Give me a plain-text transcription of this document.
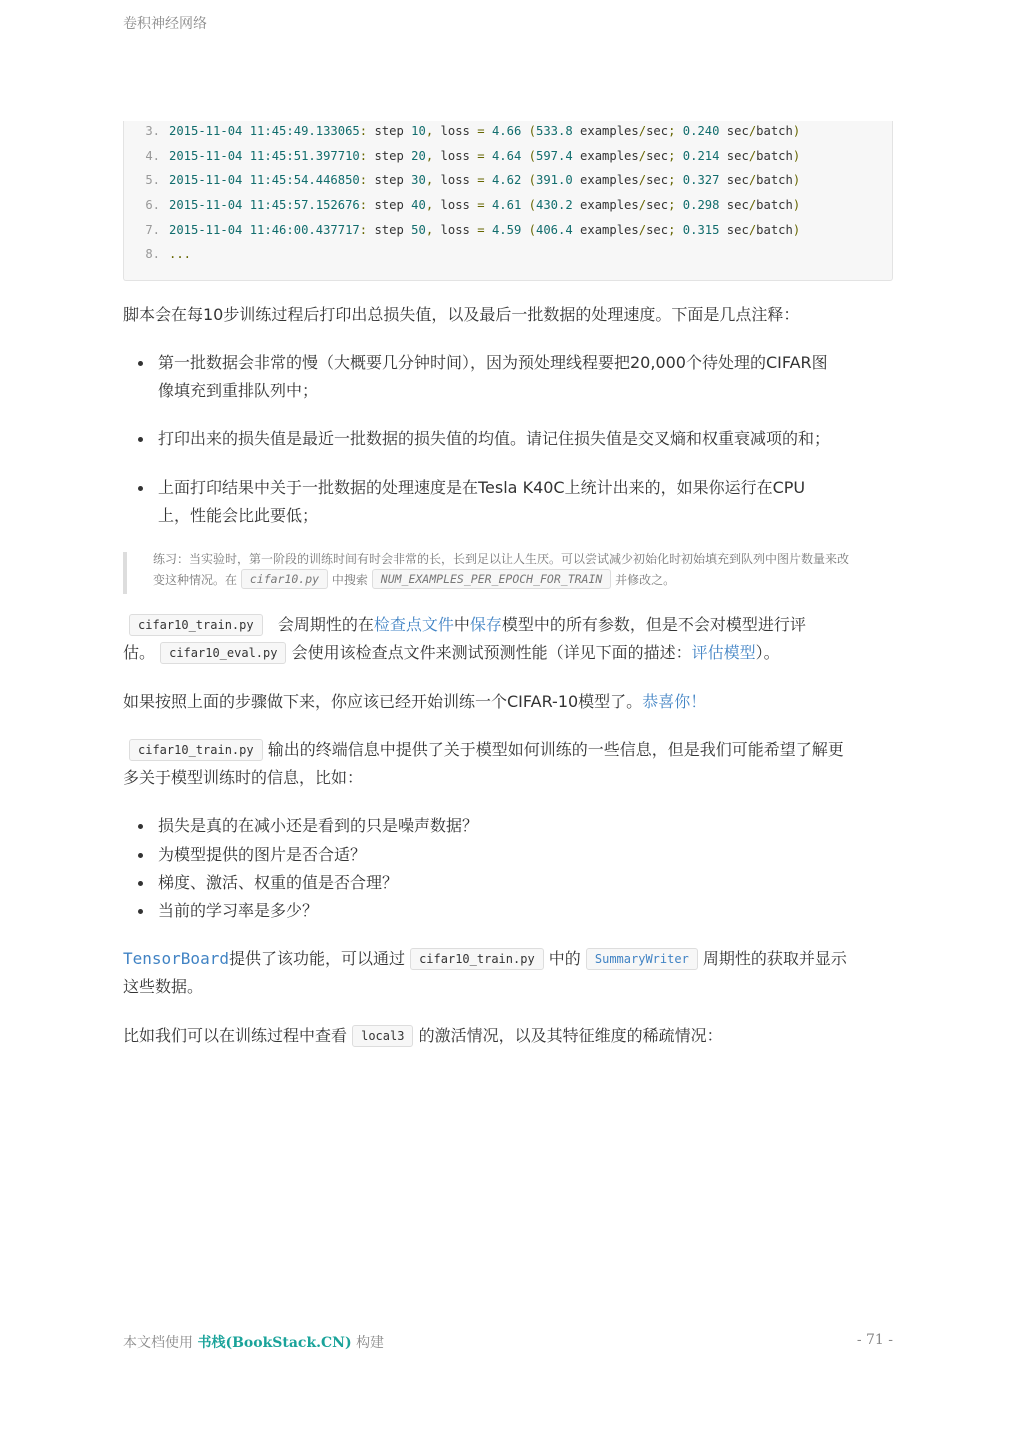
卷积神经网络
3. 2015-11-04 11:45:49.133065: step 10, loss = 4.66 (533.8 examples/sec; 0.240 sec/batch)
4. 2015-11-04 11:45:51.397710: step 20, loss = 4.64 (597.4 examples/sec; 0.214 sec/batch)
5. 2015-11-04 11:45:54.446850: step 30, loss = 4.62 (391.0 examples/sec; 0.327 sec/batch)
6. 2015-11-04 11:45:57.152676: step 40, loss = 4.61 (430.2 examples/sec; 0.298 sec/batch)
7. 2015-11-04 11:46:00.437717: step 50, loss = 4.59 (406.4 examples/sec; 0.315 sec/batch)
8. ...
脚本会在每10步训练过程后打印出总损失值，以及最后一批数据的处理速度。下面是几点注释：
第一批数据会非常的慢（大概要几分钟时间），因为预处理线程要把20,000个待处理的CIFAR图
像填充到重排队列中；
打印出来的损失值是最近一批数据的损失值的均值。请记住损失值是交叉熵和权重衰减项的和；
上面打印结果中关于一批数据的处理速度是在Tesla K40C上统计出来的，如果你运行在CPU
上，性能会比此要低；
练习：当实验时，第一阶段的训练时间有时会非常的长，长到足以让人生厌。可以尝试减少初始化时初始填充到队列中图片数量来改
变这种情况。在 cifar10.py 中搜索 NUM_EXAMPLES_PER_EPOCH_FOR_TRAIN 并修改之。
cifar10_train.py 会周期性的在检查点文件中保存模型中的所有参数，但是不会对模型进行评
估。 cifar10_eval.py 会使用该检查点文件来测试预测性能（详见下面的描述：评估模型）。
如果按照上面的步骤做下来，你应该已经开始训练一个CIFAR-10模型了。恭喜你！
cifar10_train.py 输出的终端信息中提供了关于模型如何训练的一些信息，但是我们可能希望了解更
多关于模型训练时的信息，比如：
损失是真的在减小还是看到的只是噪声数据？
为模型提供的图片是否合适？
梯度、激活、权重的值是否合理？
当前的学习率是多少？
TensorBoard提供了该功能，可以通过 cifar10_train.py 中的 SummaryWriter 周期性的获取并显示
这些数据。
比如我们可以在训练过程中查看 local3 的激活情况，以及其特征维度的稀疏情况：
本文档使用 书栈(BookStack.CN) 构建	- 71 -
